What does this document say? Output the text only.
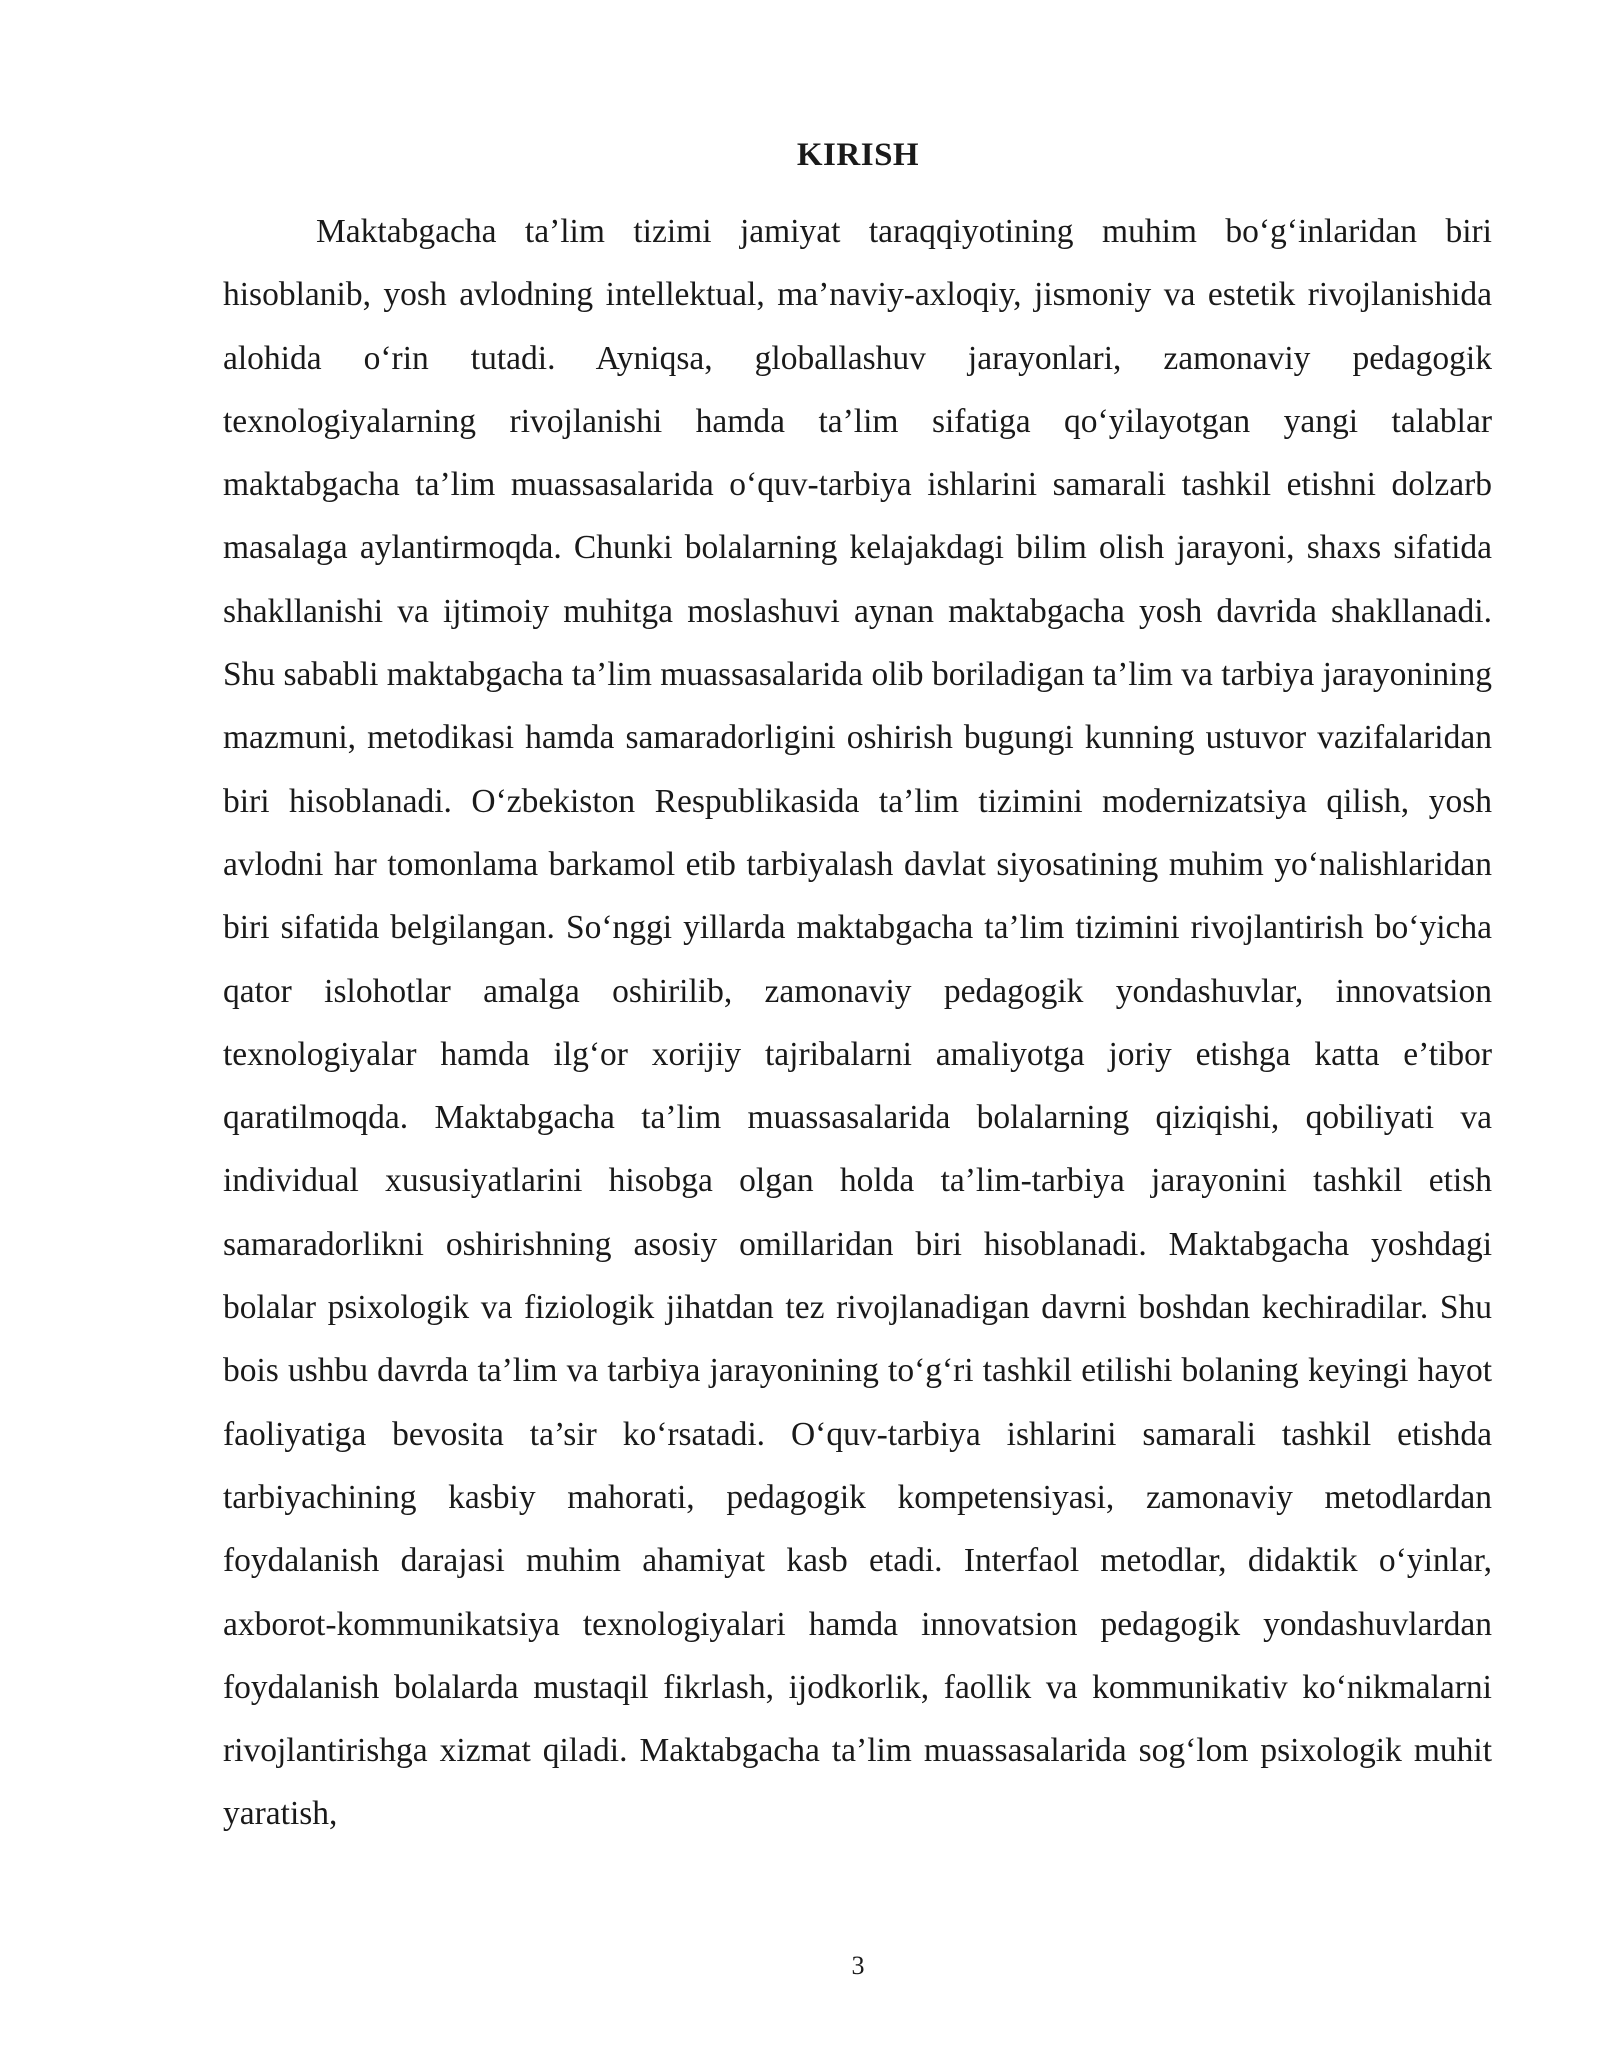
KIRISH

Maktabgacha ta’lim tizimi jamiyat taraqqiyotining muhim bo‘g‘inlaridan biri hisoblanib, yosh avlodning intellektual, ma’naviy-axloqiy, jismoniy va estetik rivojlanishida alohida o‘rin tutadi. Ayniqsa, globallashuv jarayonlari, zamonaviy pedagogik texnologiyalarning rivojlanishi hamda ta’lim sifatiga qo‘yilayotgan yangi talablar maktabgacha ta’lim muassasalarida o‘quv-tarbiya ishlarini samarali tashkil etishni dolzarb masalaga aylantirmoqda. Chunki bolalarning kelajakdagi bilim olish jarayoni, shaxs sifatida shakllanishi va ijtimoiy muhitga moslashuvi aynan maktabgacha yosh davrida shakllanadi. Shu sababli maktabgacha ta’lim muassasalarida olib boriladigan ta’lim va tarbiya jarayonining mazmuni, metodikasi hamda samaradorligini oshirish bugungi kunning ustuvor vazifalaridan biri hisoblanadi. O‘zbekiston Respublikasida ta’lim tizimini modernizatsiya qilish, yosh avlodni har tomonlama barkamol etib tarbiyalash davlat siyosatining muhim yo‘nalishlaridan biri sifatida belgilangan. So‘nggi yillarda maktabgacha ta’lim tizimini rivojlantirish bo‘yicha qator islohotlar amalga oshirilib, zamonaviy pedagogik yondashuvlar, innovatsion texnologiyalar hamda ilg‘or xorijiy tajribalarni amaliyotga joriy etishga katta e’tibor qaratilmoqda. Maktabgacha ta’lim muassasalarida bolalarning qiziqishi, qobiliyati va individual xususiyatlarini hisobga olgan holda ta’lim-tarbiya jarayonini tashkil etish samaradorlikni oshirishning asosiy omillaridan biri hisoblanadi. Maktabgacha yoshdagi bolalar psixologik va fiziologik jihatdan tez rivojlanadigan davrni boshdan kechiradilar. Shu bois ushbu davrda ta’lim va tarbiya jarayonining to‘g‘ri tashkil etilishi bolaning keyingi hayot faoliyatiga bevosita ta’sir ko‘rsatadi. O‘quv-tarbiya ishlarini samarali tashkil etishda tarbiyachining kasbiy mahorati, pedagogik kompetensiyasi, zamonaviy metodlardan foydalanish darajasi muhim ahamiyat kasb etadi. Interfaol metodlar, didaktik o‘yinlar, axborot-kommunikatsiya texnologiyalari hamda innovatsion pedagogik yondashuvlardan foydalanish bolalarda mustaqil fikrlash, ijodkorlik, faollik va kommunikativ ko‘nikmalarni rivojlantirishga xizmat qiladi. Maktabgacha ta’lim muassasalarida sog‘lom psixologik muhit yaratish,

3
